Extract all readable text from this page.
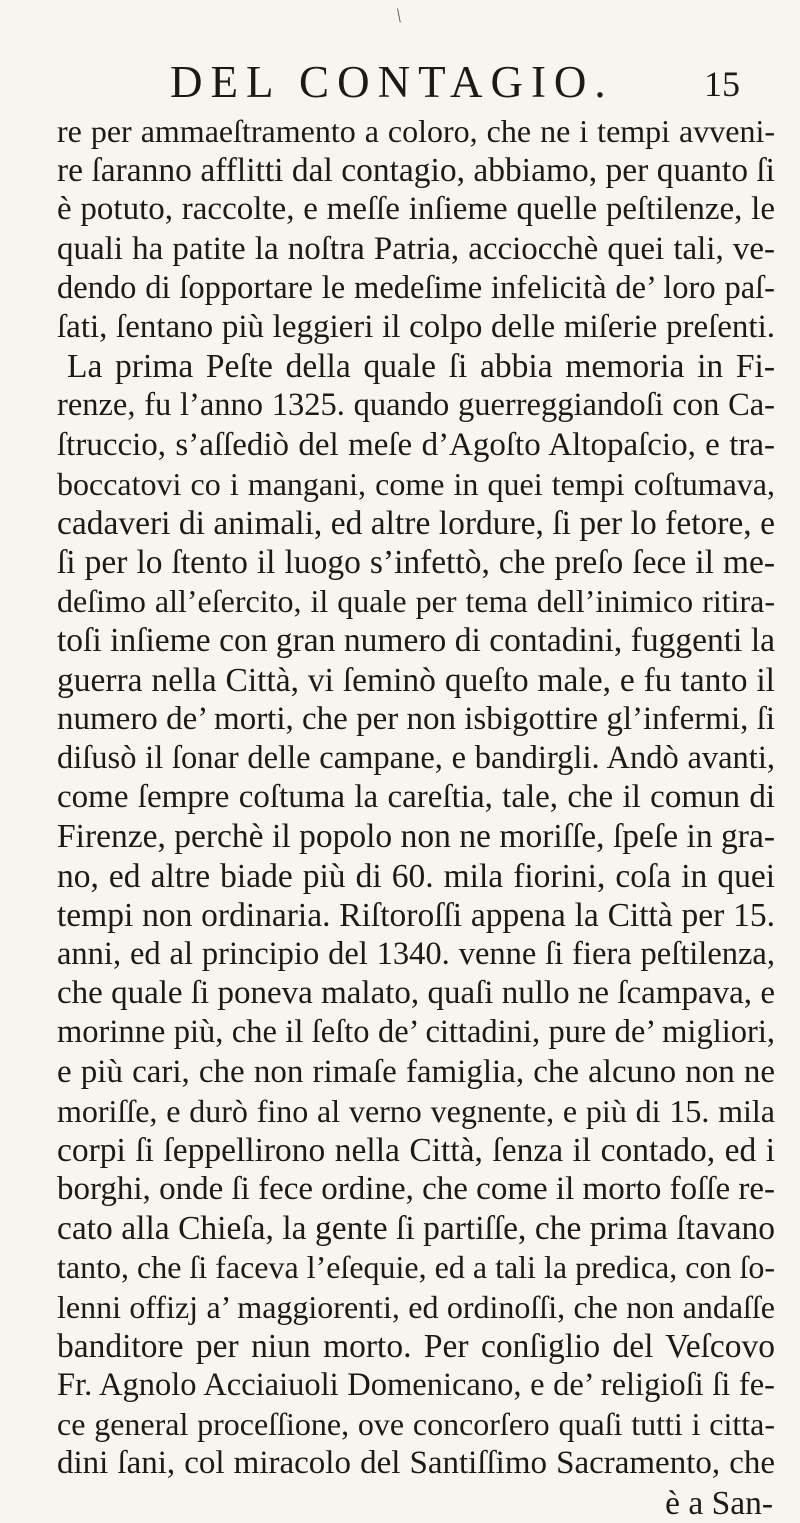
\
DEL CONTAGIO.	15
re per ammaeſtramento a coloro, che ne i tempi avveni-
re ſaranno afflitti dal contagio, abbiamo, per quanto ſi
è potuto, raccolte, e meſſe inſieme quelle peſtilenze, le
quali ha patite la noſtra Patria, acciocchè quei tali, ve-
dendo di ſopportare le medeſime infelicità de’ loro paſ-
ſati, ſentano più leggieri il colpo delle miſerie preſenti.
La prima Peſte della quale ſi abbia memoria in Fi-
renze, fu l’anno 1325. quando guerreggiandoſi con Ca-
ſtruccio, s’aſſediò del meſe d’Agoſto Altopaſcio, e tra-
boccatovi co i mangani, come in quei tempi coſtumava,
cadaveri di animali, ed altre lordure, ſi per lo fetore, e
ſi per lo ſtento il luogo s’infettò, che preſo ſece il me-
deſimo all’eſercito, il quale per tema dell’inimico ritira-
toſi inſieme con gran numero di contadini, fuggenti la
guerra nella Città, vi ſeminò queſto male, e fu tanto il
numero de’ morti, che per non isbigottire gl’infermi, ſi
diſusò il ſonar delle campane, e bandirgli. Andò avanti,
come ſempre coſtuma la careſtia, tale, che il comun di
Firenze, perchè il popolo non ne moriſſe, ſpeſe in gra-
no, ed altre biade più di 60. mila fiorini, coſa in quei
tempi non ordinaria. Riſtoroſſi appena la Città per 15.
anni, ed al principio del 1340. venne ſi fiera peſtilenza,
che quale ſi poneva malato, quaſi nullo ne ſcampava, e
morinne più, che il ſeſto de’ cittadini, pure de’ migliori,
e più cari, che non rimaſe famiglia, che alcuno non ne
moriſſe, e durò fino al verno vegnente, e più di 15. mila
corpi ſi ſeppellirono nella Città, ſenza il contado, ed i
borghi, onde ſi fece ordine, che come il morto foſſe re-
cato alla Chieſa, la gente ſi partiſſe, che prima ſtavano
tanto, che ſi faceva l’eſequie, ed a tali la predica, con ſo-
lenni offizj a’ maggiorenti, ed ordinoſſi, che non andaſſe
banditore per niun morto. Per conſiglio del Veſcovo
Fr. Agnolo Acciaiuoli Domenicano, e de’ religioſi ſi fe-
ce general proceſſione, ove concorſero quaſi tutti i citta-
dini ſani, col miracolo del Santiſſimo Sacramento, che
è a San-
